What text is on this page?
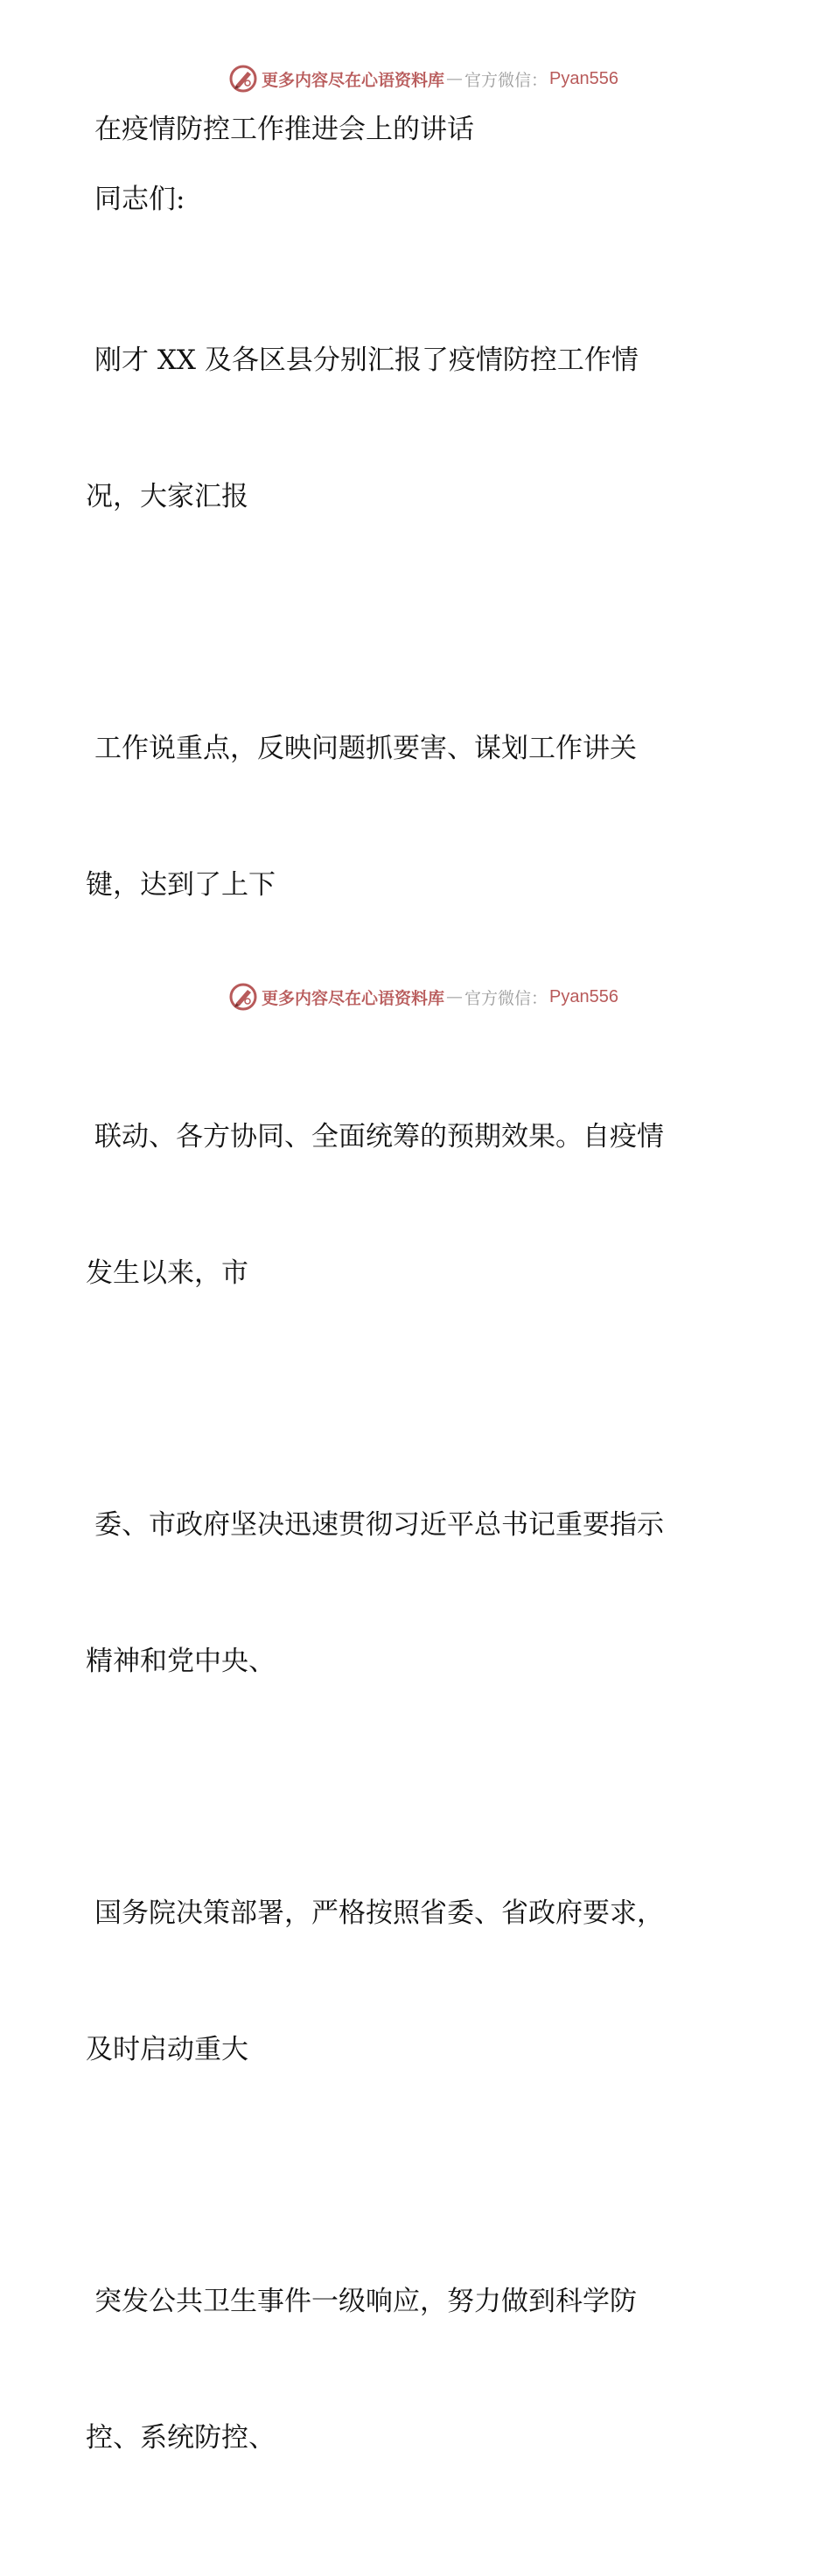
更多内容尽在心语资料库 — 官方微信： Pyan556
在疫情防控工作推进会上的讲话
同志们:

刚才 XX 及各区县分别汇报了疫情防控工作情

况，大家汇报

工作说重点，反映问题抓要害、谋划工作讲关

键，达到了上下

联动、各方协同、全面统筹的预期效果。自疫情

发生以来，市

委、市政府坚决迅速贯彻习近平总书记重要指示

精神和党中央、

国务院决策部署，严格按照省委、省政府要求，

及时启动重大

突发公共卫生事件一级响应，努力做到科学防

控、系统防控、

更多内容尽在心语资料库 — 官方微信： Pyan556
